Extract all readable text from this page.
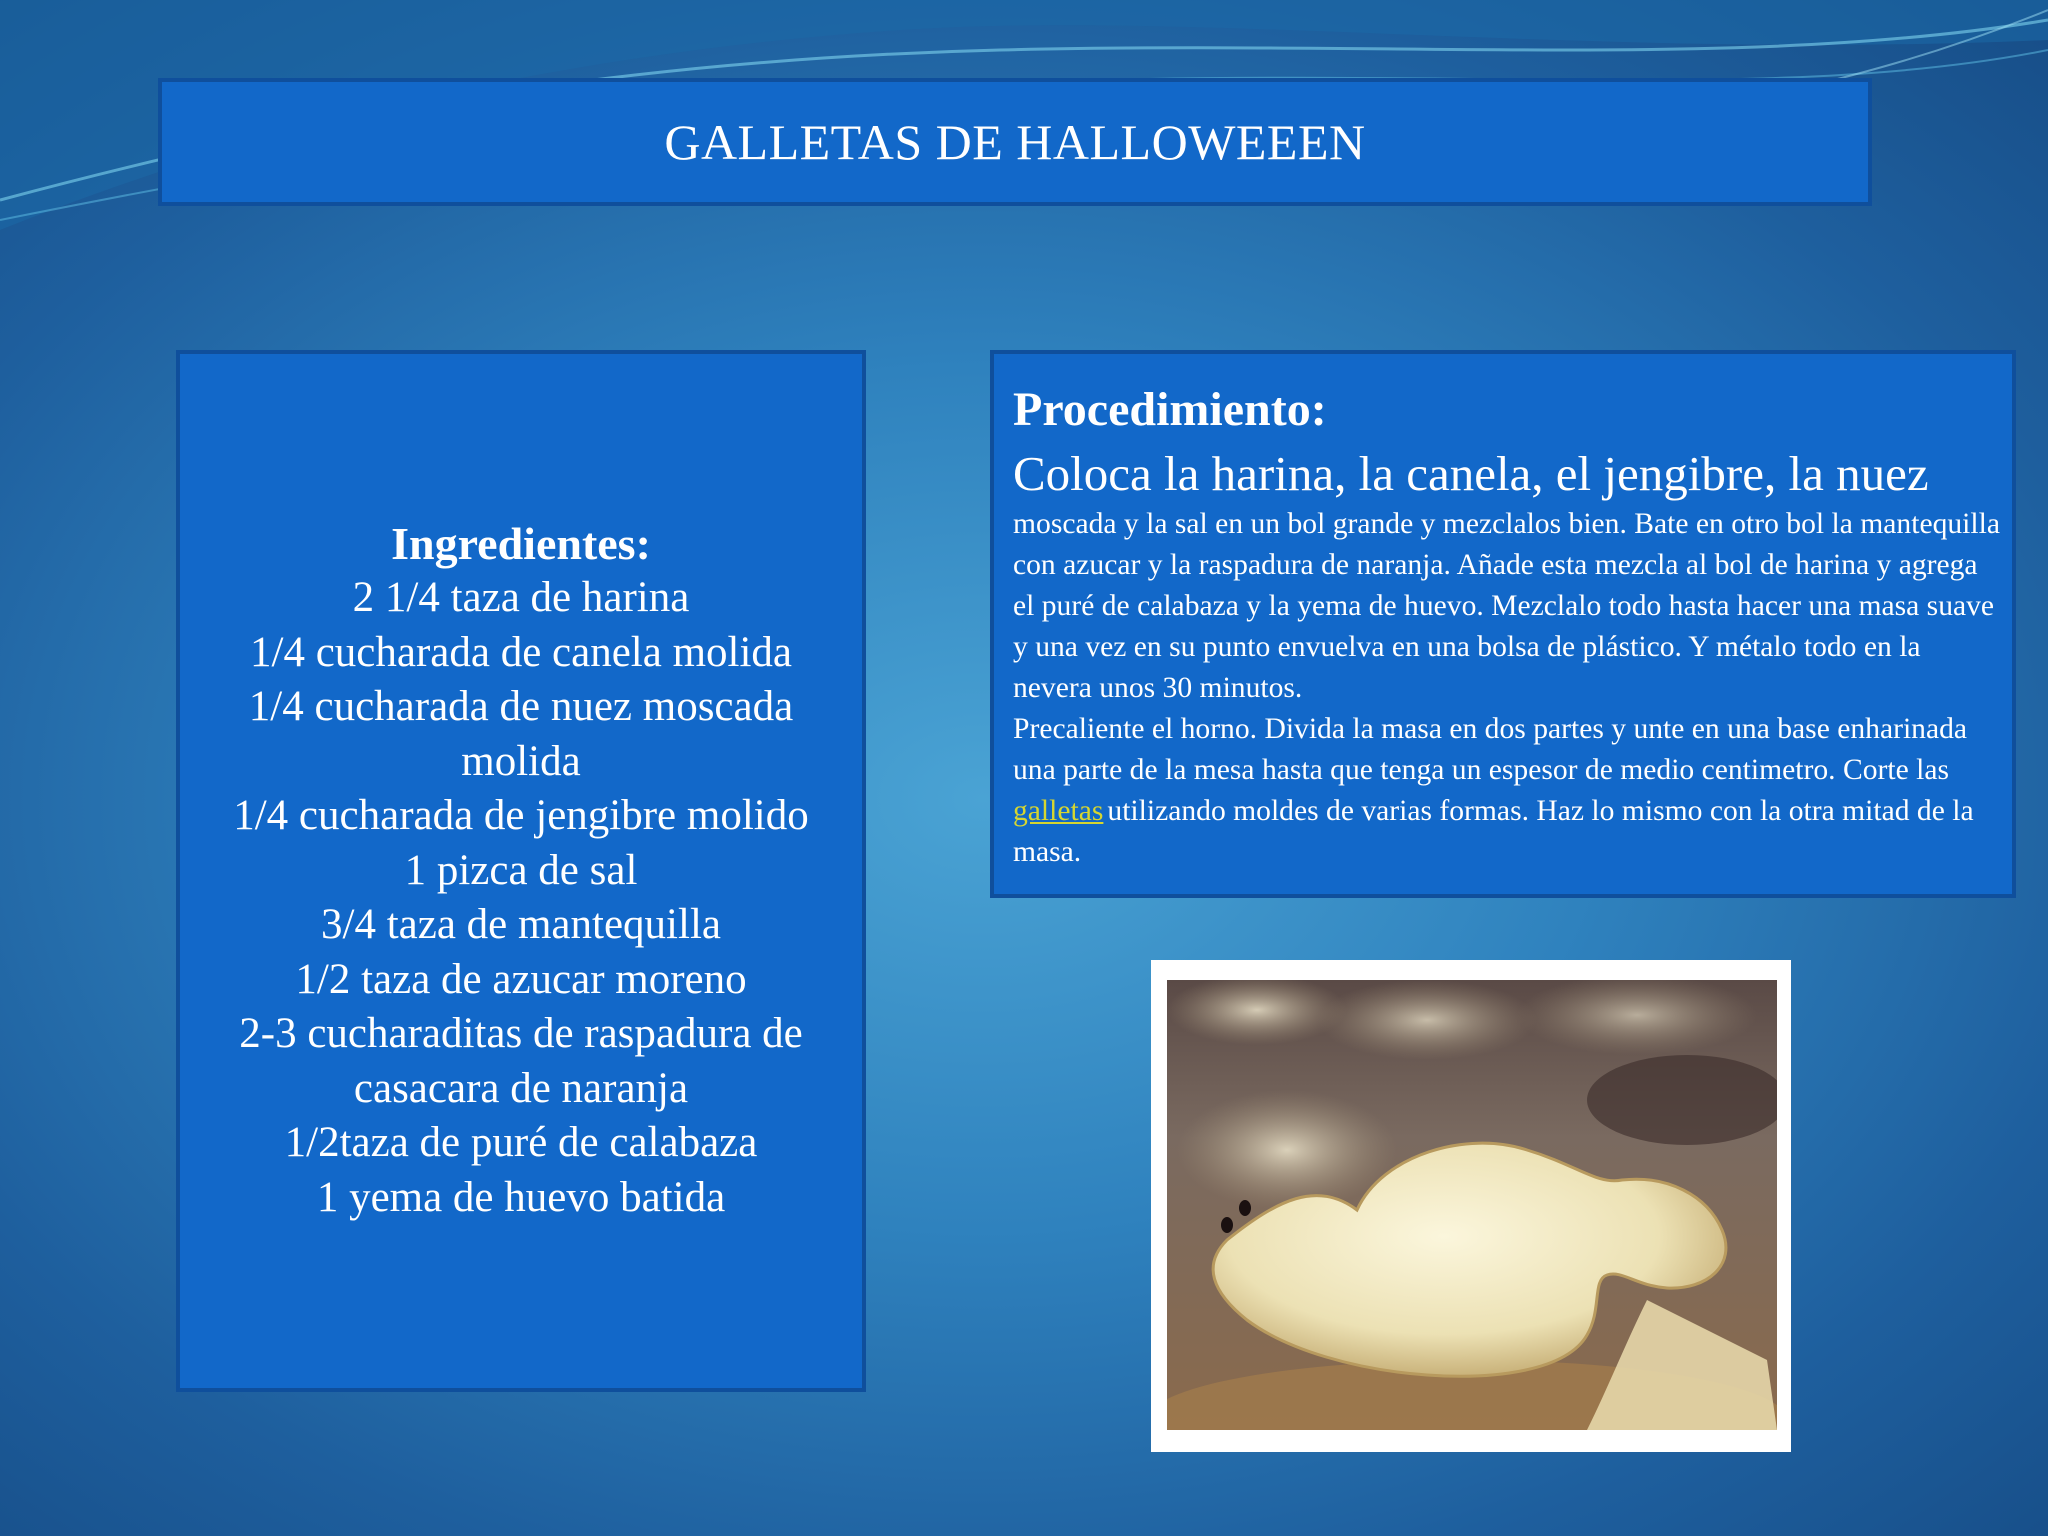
GALLETAS DE HALLOWEEEN
Ingredientes:
2 1/4 taza de harina
1/4 cucharada de canela molida
1/4 cucharada de nuez moscada molida
1/4 cucharada de jengibre molido
1 pizca de sal
3/4 taza de mantequilla
1/2 taza de azucar moreno
2-3 cucharaditas de raspadura de casacara de naranja
1/2taza de puré de calabaza
1 yema de huevo batida
Procedimiento:
Coloca la harina, la canela, el jengibre, la nuez moscada y la sal en un bol grande y mezclalos bien. Bate en otro bol la mantequilla con azucar y la raspadura de naranja. Añade esta mezcla al bol de harina y agrega el puré de calabaza y la yema de huevo. Mezclalo todo hasta hacer una masa suave y una vez en su punto envuelva en una bolsa de plástico. Y métalo todo en la nevera unos 30 minutos.
Precaliente el horno. Divida la masa en dos partes y unte en una base enharinada una parte de la mesa hasta que tenga un espesor de medio centimetro. Corte las galletas utilizando moldes de varias formas. Haz lo mismo con la otra mitad de la masa.
